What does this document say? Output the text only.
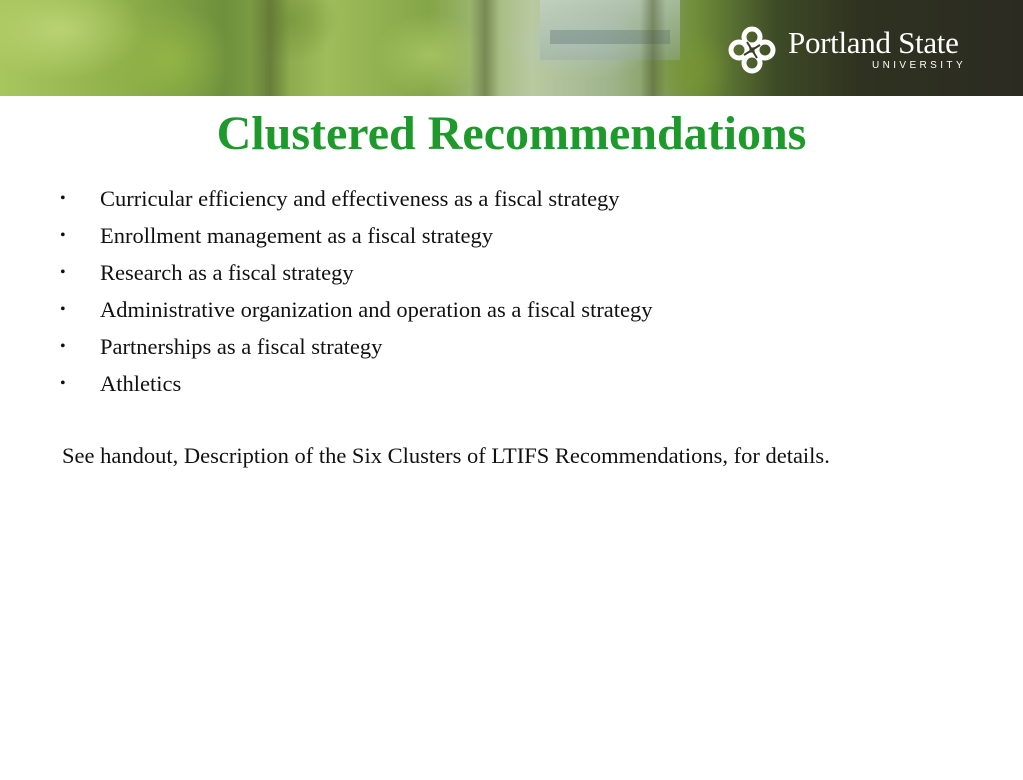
Portland State
UNIVERSITY
Clustered Recommendations
• Curricular efficiency and effectiveness as a fiscal strategy
• Enrollment management as a fiscal strategy
• Research as a fiscal strategy
• Administrative organization and operation as a fiscal strategy
• Partnerships as a fiscal strategy
• Athletics

See handout, Description of the Six Clusters of LTIFS Recommendations, for details.
